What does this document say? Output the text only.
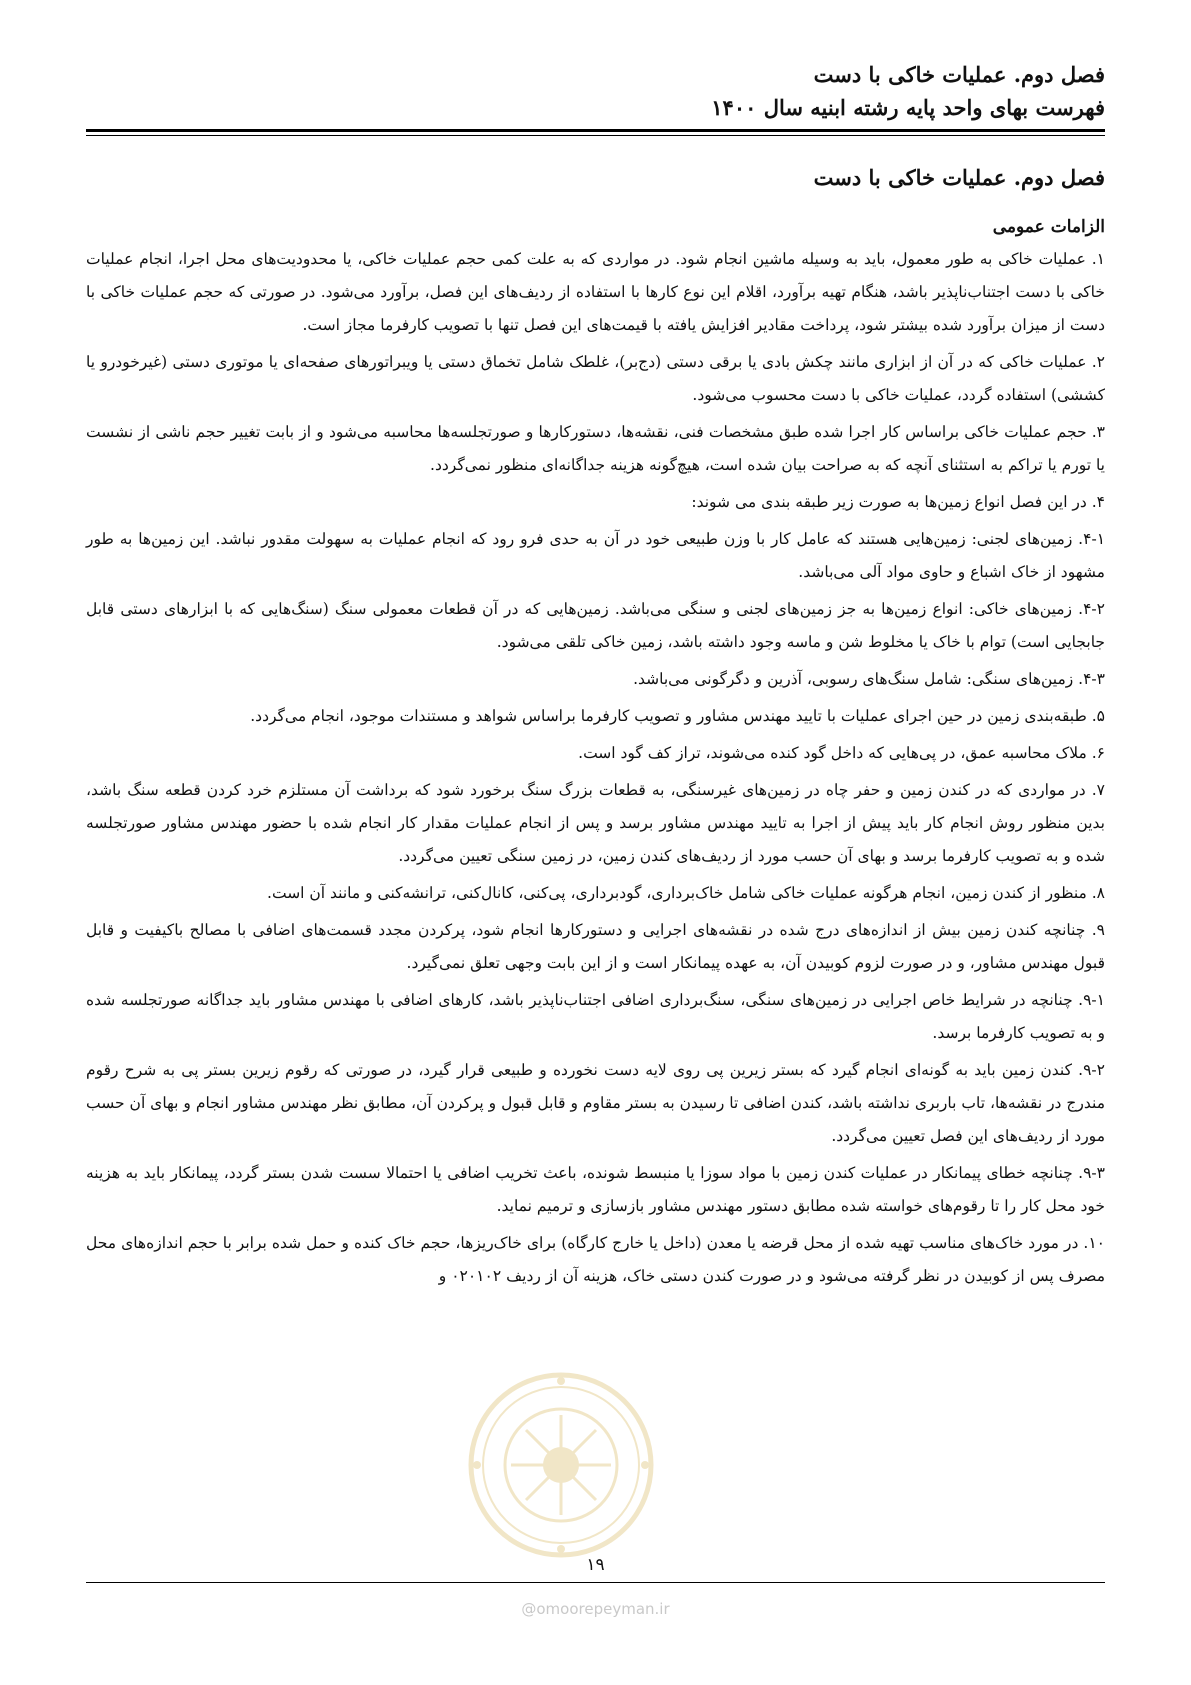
فصل دوم. عملیات خاکی با دست
فهرست بهای واحد پایه رشته ابنیه سال ۱۴۰۰
فصل دوم. عملیات خاکی با دست
الزامات عمومی

۱. عملیات خاکی به طور معمول، باید به وسیله ماشین انجام شود. در مواردی که به علت کمی حجم عملیات خاکی، یا محدودیت‌های محل اجرا، انجام عملیات خاکی با دست اجتناب‌ناپذیر باشد، هنگام تهیه برآورد، اقلام این نوع کارها با استفاده از ردیف‌های این فصل، برآورد می‌شود. در صورتی که حجم عملیات خاکی با دست از میزان برآورد شده بیشتر شود، پرداخت مقادیر افزایش یافته با قیمت‌های این فصل تنها با تصویب کارفرما مجاز است.

۲. عملیات خاکی که در آن از ابزاری مانند چکش بادی یا برقی دستی (دج‌بر)، غلطک شامل تخماق دستی یا ویبراتورهای صفحه‌ای یا موتوری دستی (غیرخودرو یا کششی) استفاده گردد، عملیات خاکی با دست محسوب می‌شود.

۳. حجم عملیات خاکی براساس کار اجرا شده طبق مشخصات فنی، نقشه‌ها، دستورکارها و صورتجلسه‌ها محاسبه می‌شود و از بابت تغییر حجم ناشی از نشست یا تورم یا تراکم به استثنای آنچه که به صراحت بیان شده است، هیچ‌گونه هزینه جداگانه‌ای منظور نمی‌گردد.

۴. در این فصل انواع زمین‌ها به صورت زیر طبقه بندی می شوند:

۴-۱. زمین‌های لجنی: زمین‌هایی هستند که عامل کار با وزن طبیعی خود در آن به حدی فرو رود که انجام عملیات به سهولت مقدور نباشد. این زمین‌ها به طور مشهود از خاک اشباع و حاوی مواد آلی می‌باشد.

۴-۲. زمین‌های خاکی: انواع زمین‌ها به جز زمین‌های لجنی و سنگی می‌باشد. زمین‌هایی که در آن قطعات معمولی سنگ (سنگ‌هایی که با ابزارهای دستی قابل جابجایی است) توام با خاک یا مخلوط شن و ماسه وجود داشته باشد، زمین خاکی تلقی می‌شود.

۴-۳. زمین‌های سنگی: شامل سنگ‌های رسوبی، آذرین و دگرگونی می‌باشد.

۵. طبقه‌بندی زمین در حین اجرای عملیات با تایید مهندس مشاور و تصویب کارفرما براساس شواهد و مستندات موجود، انجام می‌گردد.

۶. ملاک محاسبه عمق، در پی‌هایی که داخل گود کنده می‌شوند، تراز کف گود است.

۷. در مواردی که در کندن زمین و حفر چاه در زمین‌های غیرسنگی، به قطعات بزرگ سنگ برخورد شود که برداشت آن مستلزم خرد کردن قطعه سنگ باشد، بدین منظور روش انجام کار باید پیش از اجرا به تایید مهندس مشاور برسد و پس از انجام عملیات مقدار کار انجام شده با حضور مهندس مشاور صورتجلسه شده و به تصویب کارفرما برسد و بهای آن حسب مورد از ردیف‌های کندن زمین، در زمین سنگی تعیین می‌گردد.

۸. منظور از کندن زمین، انجام هرگونه عملیات خاکی شامل خاک‌برداری، گودبرداری، پی‌کنی، کانال‌کنی، ترانشه‌کنی و مانند آن است.

۹. چنانچه کندن زمین بیش از اندازه‌های درج شده در نقشه‌های اجرایی و دستورکارها انجام شود، پرکردن مجدد قسمت‌های اضافی با مصالح باکیفیت و قابل قبول مهندس مشاور، و در صورت لزوم کوبیدن آن، به عهده پیمانکار است و از این بابت وجهی تعلق نمی‌گیرد.

۹-۱. چنانچه در شرایط خاص اجرایی در زمین‌های سنگی، سنگ‌برداری اضافی اجتناب‌ناپذیر باشد، کارهای اضافی با مهندس مشاور باید جداگانه صورتجلسه شده و به تصویب کارفرما برسد.

۹-۲. کندن زمین باید به گونه‌ای انجام گیرد که بستر زیرین پی روی لایه دست نخورده و طبیعی قرار گیرد، در صورتی که رقوم زیرین بستر پی به شرح رقوم مندرج در نقشه‌ها، تاب باربری نداشته باشد، کندن اضافی تا رسیدن به بستر مقاوم و قابل قبول و پرکردن آن، مطابق نظر مهندس مشاور انجام و بهای آن حسب مورد از ردیف‌های این فصل تعیین می‌گردد.

۹-۳. چنانچه خطای پیمانکار در عملیات کندن زمین با مواد سوزا یا منبسط شونده، باعث تخریب اضافی یا احتمالا سست شدن بستر گردد، پیمانکار باید به هزینه خود محل کار را تا رقوم‌های خواسته شده مطابق دستور مهندس مشاور بازسازی و ترمیم نماید.

۱۰. در مورد خاک‌های مناسب تهیه شده از محل قرضه یا معدن (داخل یا خارج کارگاه) برای خاک‌ریزها، حجم خاک کنده و حمل شده برابر با حجم اندازه‌های محل مصرف پس از کوبیدن در نظر گرفته می‌شود و در صورت کندن دستی خاک، هزینه آن از ردیف ۰۲۰۱۰۲ و

۱۹
@omoorepeyman.ir
